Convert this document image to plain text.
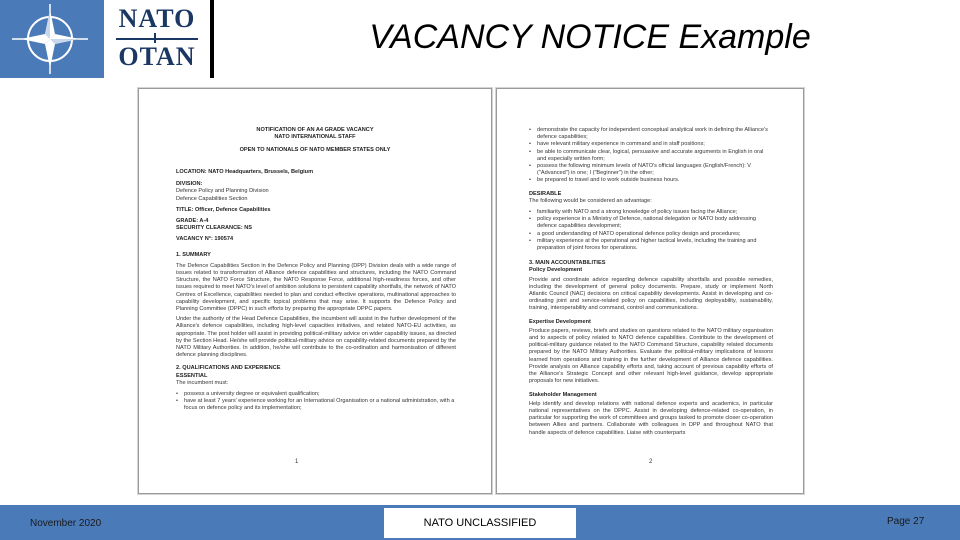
NATO
OTAN
VACANCY NOTICE Example

NOTIFICATION OF AN A4 GRADE VACANCY

NATO INTERNATIONAL STAFF

OPEN TO NATIONALS OF NATO MEMBER STATES ONLY

LOCATION: NATO Headquarters, Brussels, Belgium

DIVISION:

Defence Policy and Planning Division

Defence Capabilities Section

TITLE: Officer, Defence Capabilities

GRADE: A-4

SECURITY CLEARANCE: NS

VACANCY N°: 190574

1. SUMMARY

The Defence Capabilities Section in the Defence Policy and Planning (DPP) Division deals with a wide range of issues related to transformation of Alliance defence capabilities and structures, including the NATO Command Structure, the NATO Force Structure, the NATO Response Force, additional high-readiness forces, and other issues required to meet NATO's level of ambition solutions to persistent capability shortfalls, the network of NATO Centres of Excellence, capabilities needed to plan and conduct effective operations, multinational approaches to capability development, and specific topical problems that may arise. It supports the Defence Policy and Planning Committee (DPPC) in such efforts by preparing the appropriate DPPC papers.

Under the authority of the Head Defence Capabilities, the incumbent will assist in the further development of the Alliance's defence capabilities, including high-level capacities initiatives, and related NATO-EU activities, as appropriate. The post holder will assist in providing political-military advice on wider capability issues, as directed by the Section Head. He/she will provide political-military advice on capability-related documents prepared by the NATO Military Authorities. In addition, he/she will contribute to the co-ordination and harmonisation of different defence planning disciplines.

2. QUALIFICATIONS AND EXPERIENCE

ESSENTIAL

The incumbent must:

• possess a university degree or equivalent qualification;

• have at least 7 years' experience working for an International Organisation or a national administration, with a focus on defence policy and its implementation;

1

• demonstrate the capacity for independent conceptual analytical work in defining the Alliance's defence capabilities;

• have relevant military experience in command and in staff positions;

• be able to communicate clear, logical, persuasive and accurate arguments in English in oral and especially written form;

• possess the following minimum levels of NATO's official languages (English/French): V ("Advanced") in one; I ("Beginner") in the other;

• be prepared to travel and to work outside business hours.

DESIRABLE

The following would be considered an advantage:

• familiarity with NATO and a strong knowledge of policy issues facing the Alliance;

• policy experience in a Ministry of Defence, national delegation or NATO body addressing defence capabilities development;

• a good understanding of NATO operational defence policy design and procedures;

• military experience at the operational and higher tactical levels, including the training and preparation of joint forces for operations.

3. MAIN ACCOUNTABILITIES

Policy Development

Provide and coordinate advice regarding defence capability shortfalls and possible remedies, including the development of general policy documents. Prepare, study or implement North Atlantic Council (NAC) decisions on critical capability developments. Assist in developing and co-ordinating joint and service-related policy on capabilities, including deployability, sustainability, training, interoperability and command, control and communications.

Expertise Development

Produce papers, reviews, briefs and studies on questions related to the NATO military organisation and to aspects of policy related to NATO defence capabilities. Contribute to the development of political-military guidance related to the NATO Command Structure, capability related documents prepared by the NATO Military Authorities. Evaluate the political-military implications of lessons learned from operations and training in the further development of Alliance defence capabilities. Provide analysis on Alliance capability efforts and, taking account of previous capability efforts of the Alliance's Strategic Concept and other relevant high-level guidance, develop appropriate proposals for new initiatives.

Stakeholder Management

Help identify and develop relations with national defence experts and academics, in particular national representatives on the DPPC. Assist in developing defence-related co-operation, in particular for supporting the work of committees and groups tasked to promote closer co-operation between Allies and partners. Collaborate with colleagues in DPP and throughout NATO that handle aspects of defence capabilities. Liaise with counterparts

2
November 2020	NATO UNCLASSIFIED	Page 27
